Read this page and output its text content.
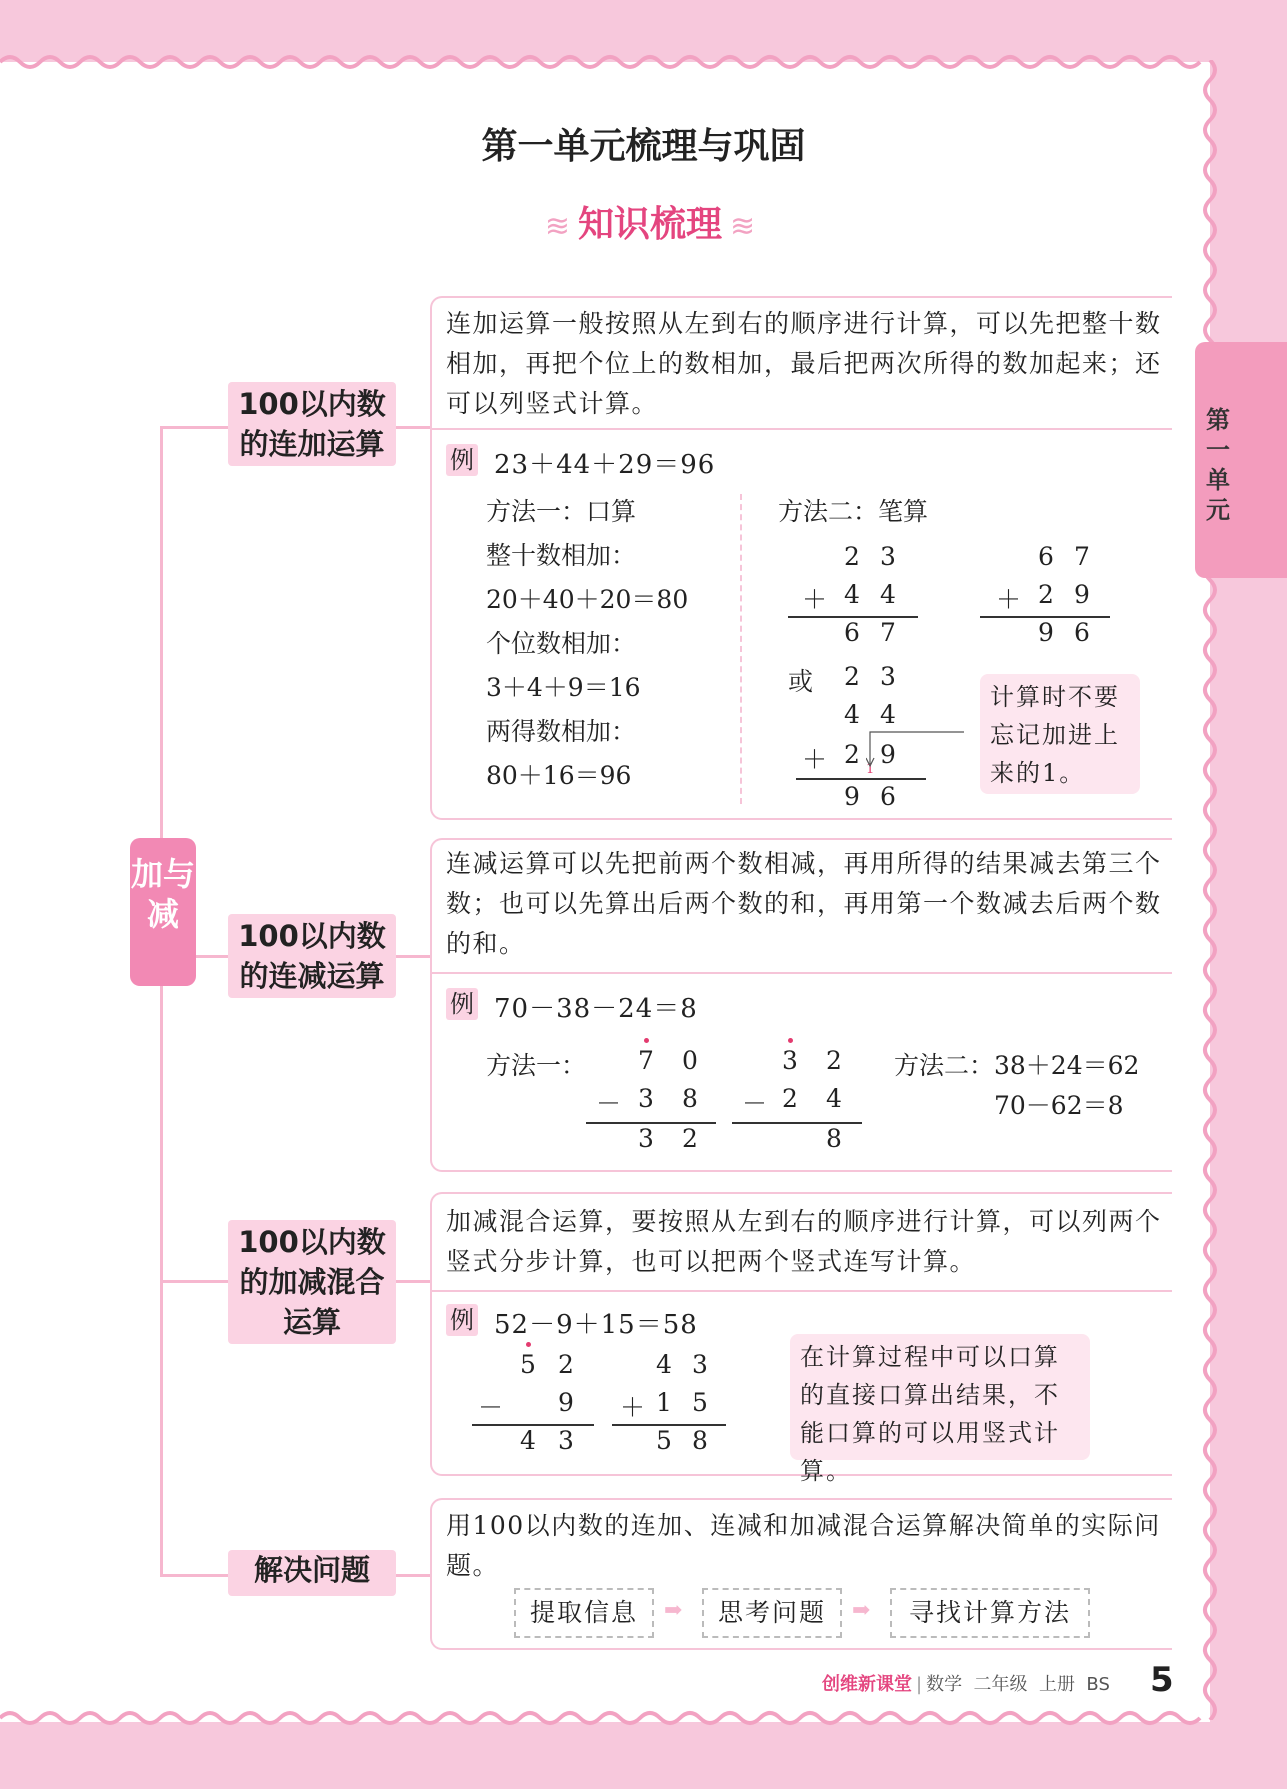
第一单元梳理与巩固
≋ 知识梳理 ≋
第一单元
加与减
100以内数的连加运算
100以内数的连减运算
100以内数的加减混合运算
解决问题
连加运算一般按照从左到右的顺序进行计算，可以先把整十数相加，再把个位上的数相加，最后把两次所得的数加起来；还可以列竖式计算。
例 23＋44＋29＝96
方法一：口算
整十数相加：
20＋40＋20＝80
个位数相加：
3＋4＋9＝16
两得数相加：
80＋16＝96
方法二：笔算
2 3
＋ 4 4
6 7
6 7
＋ 2 9
9 6
或 2 3
4 4
＋ 2 9
1
9 6
计算时不要忘记加进上来的1。
连减运算可以先把前两个数相减，再用所得的结果减去第三个数；也可以先算出后两个数的和，再用第一个数减去后两个数的和。
例 70－38－24＝8
方法一： 7 0
－ 3 8
3 2
3 2
－ 2 4
8
方法二： 38＋24＝62
70－62＝8
加减混合运算，要按照从左到右的顺序进行计算，可以列两个竖式分步计算，也可以把两个竖式连写计算。
例 52－9＋15＝58
5 2
－ 9
4 3
4 3
＋ 1 5
5 8
在计算过程中可以口算的直接口算出结果，不能口算的可以用竖式计算。
用100以内数的连加、连减和加减混合运算解决简单的实际问题。
提取信息	➡	思考问题	➡	寻找计算方法
创维新课堂 | 数学  二年级  上册  BS 5
